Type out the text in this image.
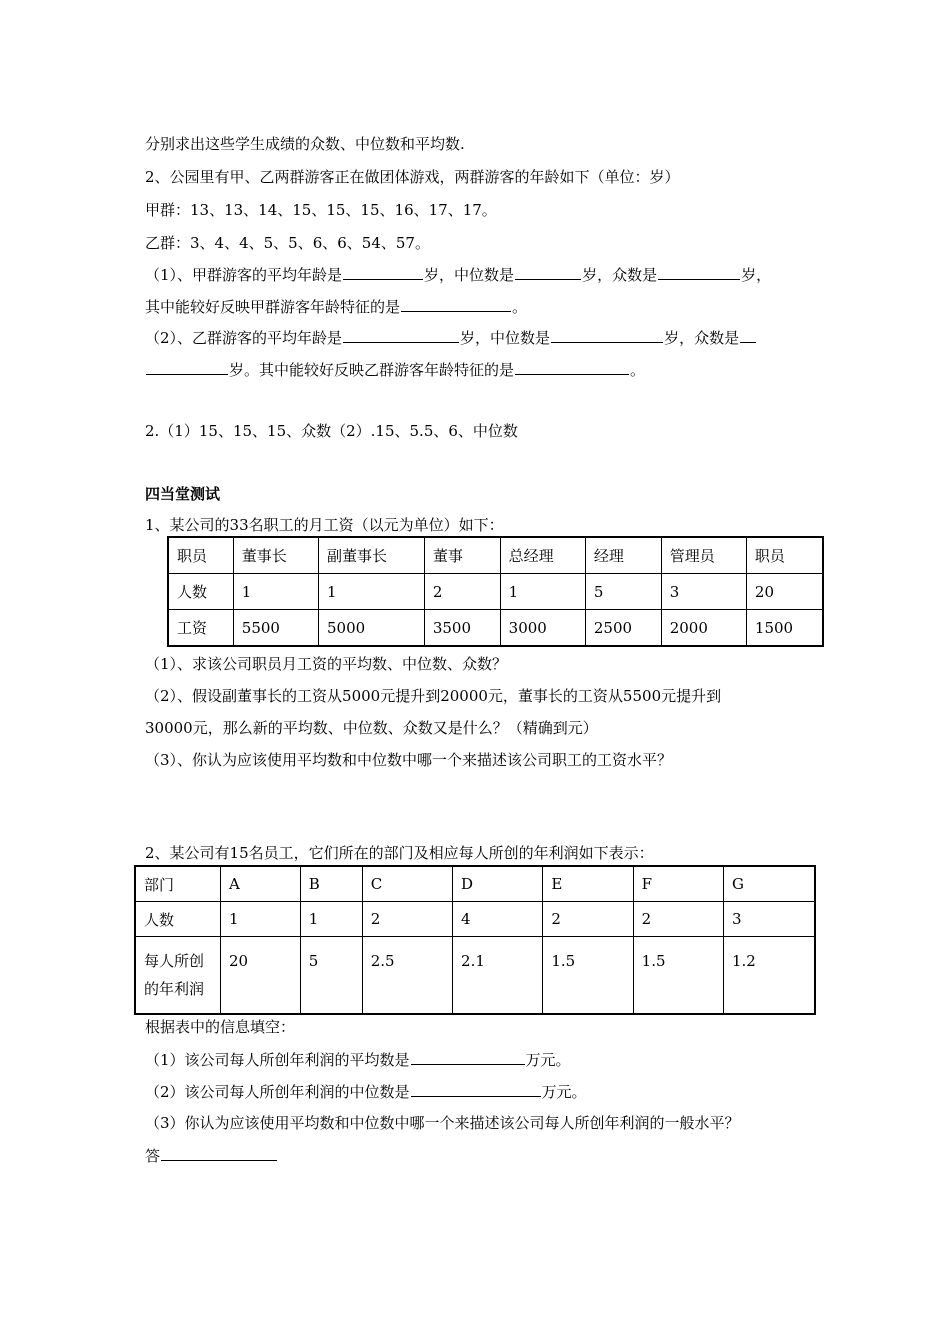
分别求出这些学生成绩的众数、中位数和平均数.
2、公园里有甲、乙两群游客正在做团体游戏，两群游客的年龄如下（单位：岁）
甲群：13、13、14、15、15、15、16、17、17。
乙群：3、4、4、5、5、6、6、54、57。
（1）、甲群游客的平均年龄是	岁，中位数是	岁，众数是	岁，
其中能较好反映甲群游客年龄特征的是	。
（2）、乙群游客的平均年龄是	岁，中位数是	岁，众数是
岁。其中能较好反映乙群游客年龄特征的是	。
2.（1）15、15、15、众数（2）.15、5.5、6、中位数
四当堂测试
1、某公司的33名职工的月工资（以元为单位）如下：
职员	董事长	副董事长	董事	总经理	经理	管理员	职员
人数	1	1	2	1	5	3	20
工资	5500	5000	3500	3000	2500	2000	1500
（1）、求该公司职员月工资的平均数、中位数、众数？
（2）、假设副董事长的工资从5000元提升到20000元，董事长的工资从5500元提升到
30000元，那么新的平均数、中位数、众数又是什么？（精确到元）
（3）、你认为应该使用平均数和中位数中哪一个来描述该公司职工的工资水平？
2、某公司有15名员工，它们所在的部门及相应每人所创的年利润如下表示：
部门	A	B	C	D	E	F	G
人数	1	1	2	4	2	2	3
每人所创的年利润	20	5	2.5	2.1	1.5	1.5	1.2
根据表中的信息填空：
（1）该公司每人所创年利润的平均数是	万元。
（2）该公司每人所创年利润的中位数是	万元。
（3）你认为应该使用平均数和中位数中哪一个来描述该公司每人所创年利润的一般水平？
答
